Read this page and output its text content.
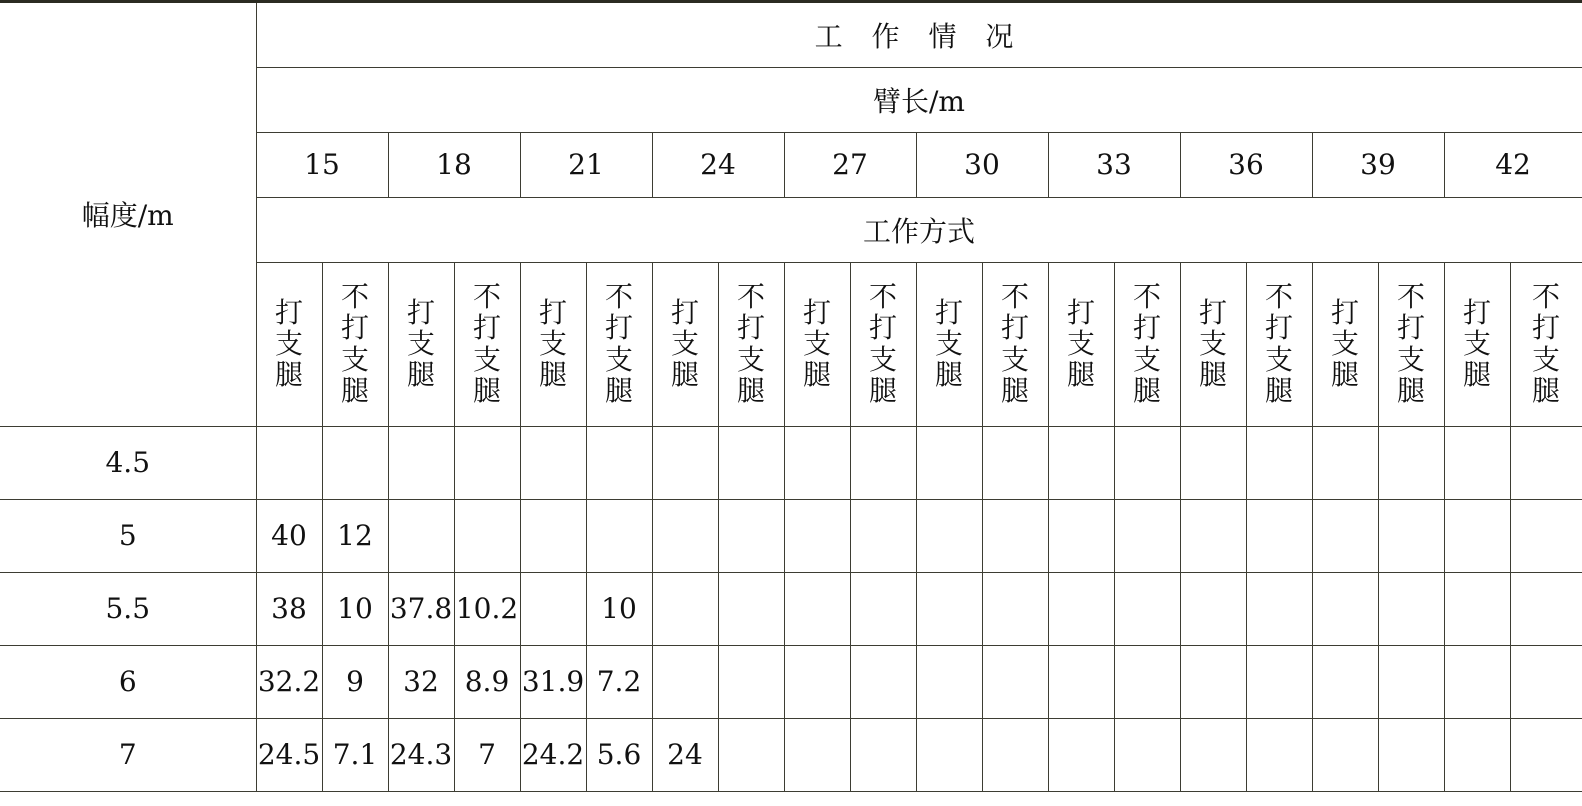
幅度/m	工 作 情 况																			
	臂长/m																			
	15		18		21		24		27		30		33		36		39		42	
	工作方式																			
	打支腿	不打支腿	打支腿	不打支腿	打支腿	不打支腿	打支腿	不打支腿	打支腿	不打支腿	打支腿	不打支腿	打支腿	不打支腿	打支腿	不打支腿	打支腿	不打支腿	打支腿	不打支腿
4.5																				
5	40	12																		
5.5	38	10	37.8	10.2		10														
6	32.2	9	32	8.9	31.9	7.2														
7	24.5	7.1	24.3	7	24.2	5.6	24													
